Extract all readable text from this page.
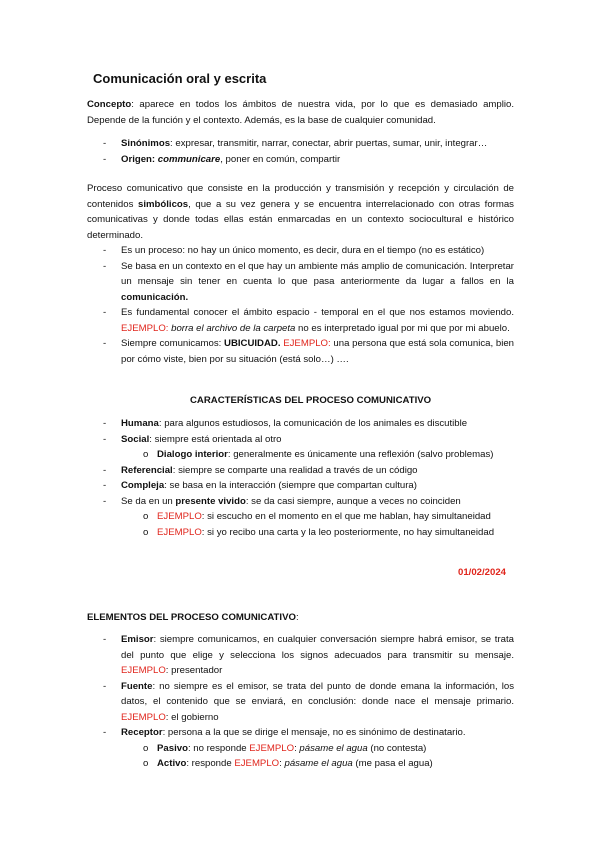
Comunicación oral y escrita
Concepto: aparece en todos los ámbitos de nuestra vida, por lo que es demasiado amplio. Depende de la función y el contexto. Además, es la base de cualquier comunidad.
- Sinónimos: expresar, transmitir, narrar, conectar, abrir puertas, sumar, unir, integrar…
- Origen: communicare, poner en común, compartir
Proceso comunicativo que consiste en la producción y transmisión y recepción y circulación de contenidos simbólicos, que a su vez genera y se encuentra interrelacionado con otras formas comunicativas y donde todas ellas están enmarcadas en un contexto sociocultural e histórico determinado.
- Es un proceso: no hay un único momento, es decir, dura en el tiempo (no es estático)
- Se basa en un contexto en el que hay un ambiente más amplio de comunicación. Interpretar un mensaje sin tener en cuenta lo que pasa anteriormente da lugar a fallos en la comunicación.
- Es fundamental conocer el ámbito espacio - temporal en el que nos estamos moviendo. EJEMPLO: borra el archivo de la carpeta no es interpretado igual por mi que por mi abuelo.
- Siempre comunicamos: UBICUIDAD. EJEMPLO: una persona que está sola comunica, bien por cómo viste, bien por su situación (está solo…) ….
CARACTERÍSTICAS DEL PROCESO COMUNICATIVO
- Humana: para algunos estudiosos, la comunicación de los animales es discutible
- Social: siempre está orientada al otro
o Dialogo interior: generalmente es únicamente una reflexión (salvo problemas)
- Referencial: siempre se comparte una realidad a través de un código
- Compleja: se basa en la interacción (siempre que compartan cultura)
- Se da en un presente vivido: se da casi siempre, aunque a veces no coinciden
o EJEMPLO: si escucho en el momento en el que me hablan, hay simultaneidad
o EJEMPLO: si yo recibo una carta y la leo posteriormente, no hay simultaneidad
01/02/2024
ELEMENTOS DEL PROCESO COMUNICATIVO:
- Emisor: siempre comunicamos, en cualquier conversación siempre habrá emisor, se trata del punto que elige y selecciona los signos adecuados para transmitir su mensaje. EJEMPLO: presentador
- Fuente: no siempre es el emisor, se trata del punto de donde emana la información, los datos, el contenido que se enviará, en conclusión: donde nace el mensaje primario. EJEMPLO: el gobierno
- Receptor: persona a la que se dirige el mensaje, no es sinónimo de destinatario.
o Pasivo: no responde EJEMPLO: pásame el agua (no contesta)
o Activo: responde EJEMPLO: pásame el agua (me pasa el agua)
